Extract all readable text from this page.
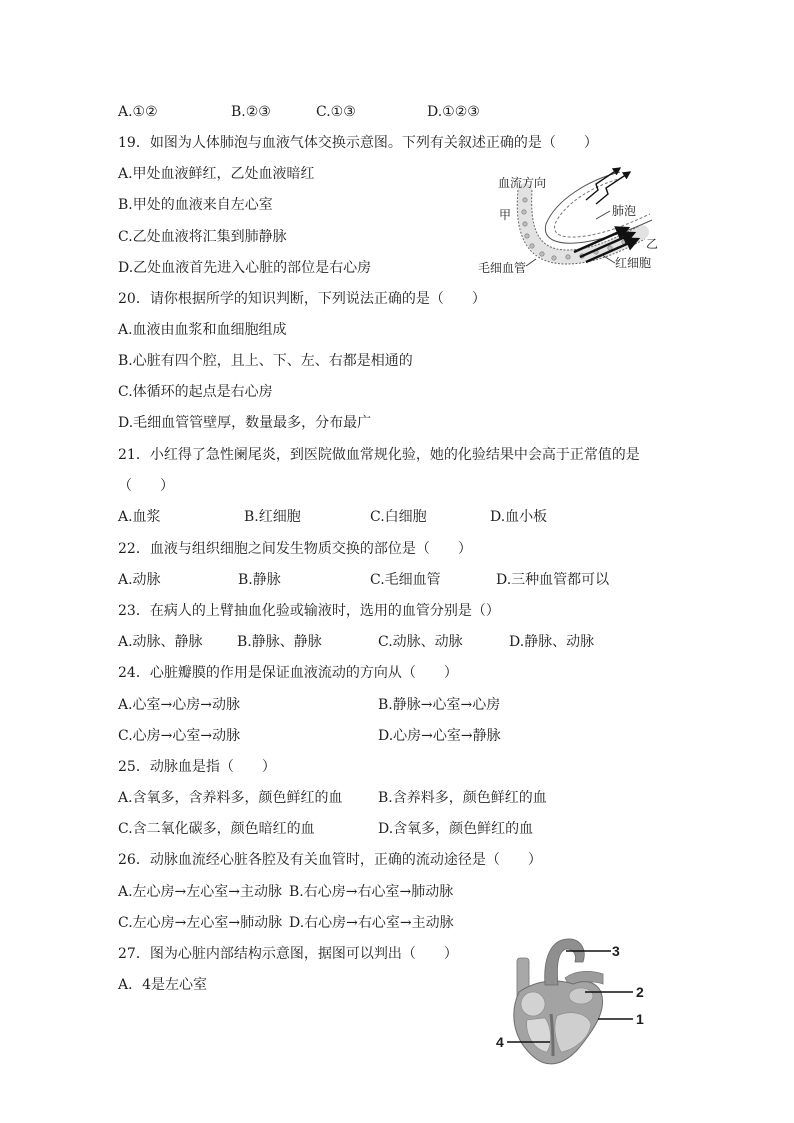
A.①②	B.②③	C.①③	D.①②③
19．如图为人体肺泡与血液气体交换示意图。下列有关叙述正确的是（　　）
A.甲处血液鲜红，乙处血液暗红
B.甲处的血液来自左心室
C.乙处血液将汇集到肺静脉
D.乙处血液首先进入心脏的部位是右心房
血流方向
甲	肺泡
乙
毛细血管	红细胞
20．请你根据所学的知识判断，下列说法正确的是（　　）
A.血液由血浆和血细胞组成
B.心脏有四个腔，且上、下、左、右都是相通的
C.体循环的起点是右心房
D.毛细血管管壁厚，数量最多，分布最广
21．小红得了急性阑尾炎，到医院做血常规化验，她的化验结果中会高于正常值的是
（　　）
A.血浆	B.红细胞	C.白细胞	D.血小板
22．血液与组织细胞之间发生物质交换的部位是（　　）
A.动脉	B.静脉	C.毛细血管	D.三种血管都可以
23．在病人的上臂抽血化验或输液时，选用的血管分别是（）
A.动脉、静脉 B.静脉、静脉	C.动脉、动脉	D.静脉、动脉
24．心脏瓣膜的作用是保证血液流动的方向从（　　）
A.心室→心房→动脉	B.静脉→心室→心房
C.心房→心室→动脉	D.心房→心室→静脉
25．动脉血是指（　　）
A.含氧多，含养料多，颜色鲜红的血	B.含养料多，颜色鲜红的血
C.含二氧化碳多，颜色暗红的血	D.含氧多，颜色鲜红的血
26．动脉血流经心脏各腔及有关血管时，正确的流动途径是（　　）
A.左心房→左心室→主动脉 B.右心房→右心室→肺动脉
C.左心房→左心室→肺动脉 D.右心房→右心室→主动脉
27．图为心脏内部结构示意图，据图可以判出（　　）
A．4是左心室
3
2
1
4
